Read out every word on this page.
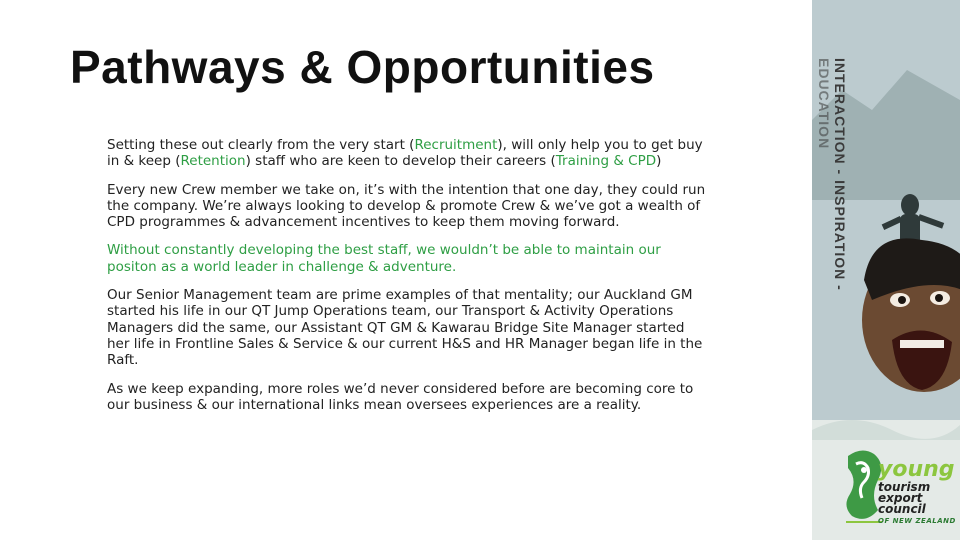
Pathways & Opportunities

Setting these out clearly from the very start (Recruitment), will only help you to get buy in & keep (Retention) staff who are keen to develop their careers (Training & CPD)

Every new Crew member we take on, it’s with the intention that one day, they could run the company. We’re always looking to develop & promote Crew & we’ve got a wealth of CPD programmes & advancement incentives to keep them moving forward.

Without constantly developing the best staff, we wouldn’t be able to maintain our positon as a world leader in challenge & adventure.

Our Senior Management team are prime examples of that mentality; our Auckland GM started his life in our QT Jump Operations team, our Transport & Activity Operations Managers did the same, our Assistant QT GM & Kawarau Bridge Site Manager started her life in Frontline Sales & Service & our current H&S and HR Manager began life in the Raft.

As we keep expanding, more roles we’d never considered before are becoming core to our business & our international links mean oversees experiences are a reality.

INTERACTION - INSPIRATION -
EDUCATION
young
tourism
export
council
OF NEW ZEALAND
